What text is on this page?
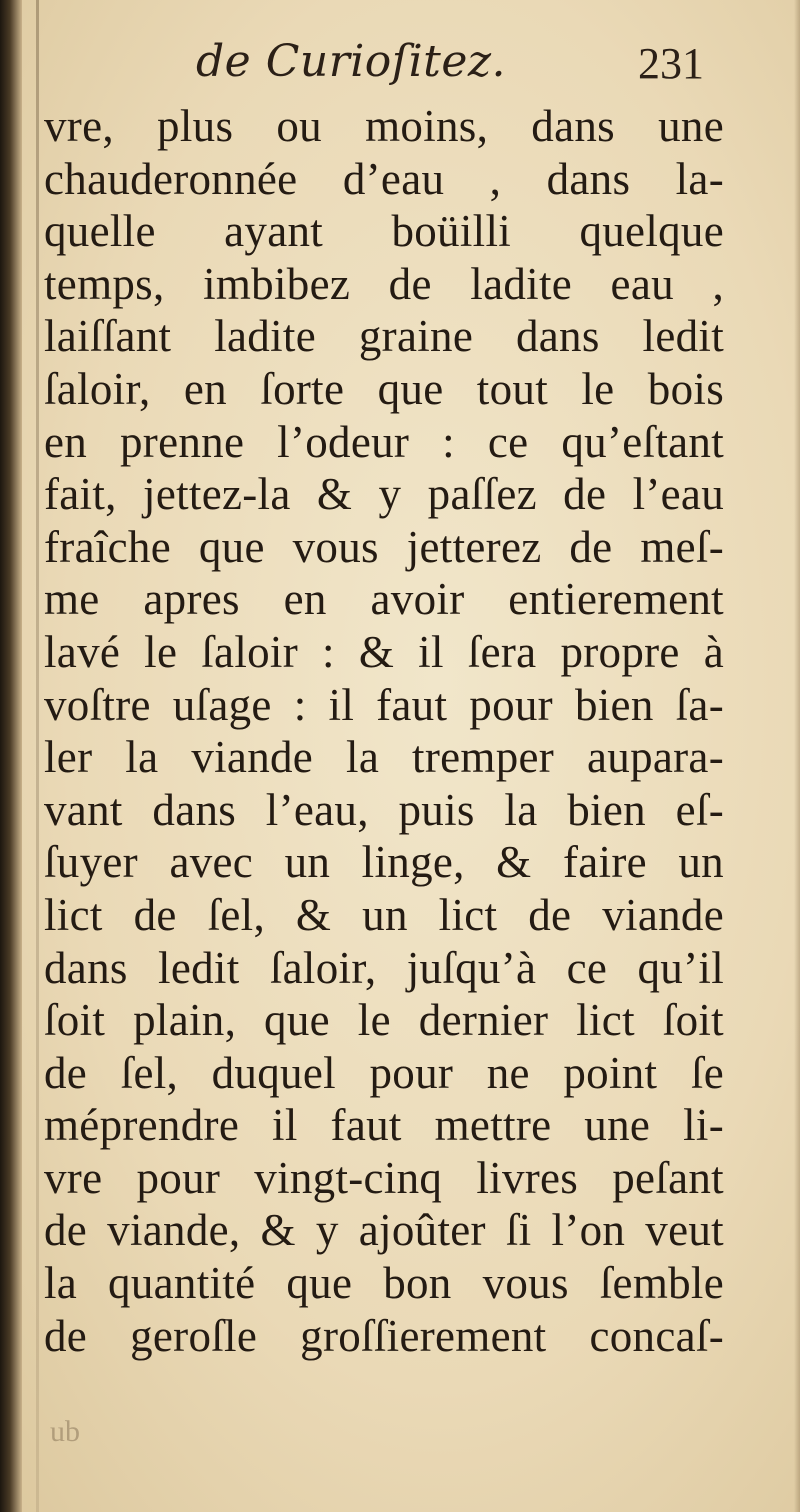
de Curioſitez.	231
vre, plus ou moins, dans une
chauderonnée d’eau , dans la-
quelle ayant boüilli quelque
temps, imbibez de ladite eau ,
laiſſant ladite graine dans ledit
ſaloir, en ſorte que tout le bois
en prenne l’odeur : ce qu’eſtant
fait, jettez-la & y paſſez de l’eau
fraîche que vous jetterez de meſ-
me apres en avoir entierement
lavé le ſaloir : & il ſera propre à
voſtre uſage : il faut pour bien ſa-
ler la viande la tremper aupara-
vant dans l’eau, puis la bien eſ-
ſuyer avec un linge, & faire un
lict de ſel, & un lict de viande
dans ledit ſaloir, juſqu’à ce qu’il
ſoit plain, que le dernier lict ſoit
de ſel, duquel pour ne point ſe
méprendre il faut mettre une li-
vre pour vingt-cinq livres peſant
de viande, & y ajoûter ſi l’on veut
la quantité que bon vous ſemble
de geroſle groſſierement concaſ-
ub
